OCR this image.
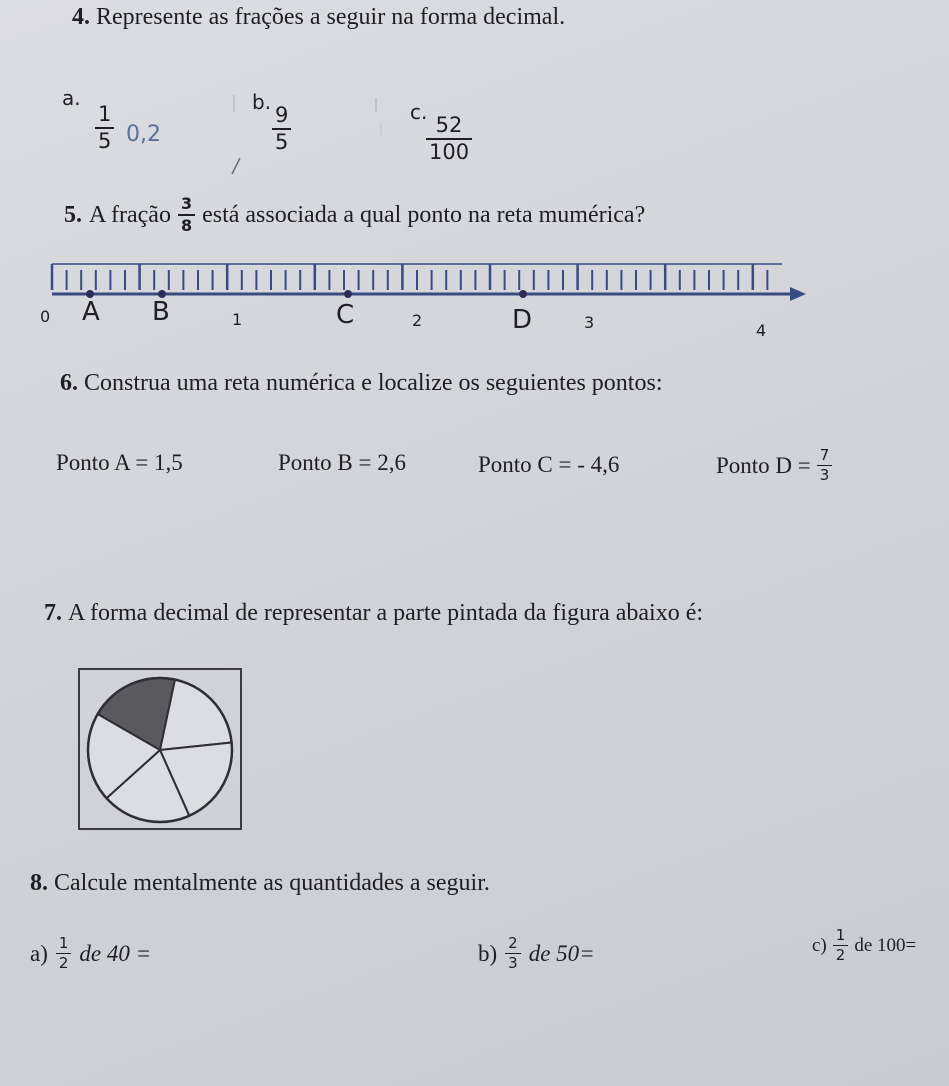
4. Represente as frações a seguir na forma decimal.
a.
$\frac{1}{5} 0,2$
b.
$\frac{9}{5}$	c.
$\frac{52}{100}$
5. A fração $\frac{3}{8}$ está associada a qual ponto na reta mumérica?
0	1	2	3	4
A B	C	D
6. Construa uma reta numérica e localize os seguientes pontos:
Ponto A = 1,5	Ponto B = 2,6	Ponto C = - 4,6	Ponto $D = \frac{7}{3}$
7. A forma decimal de representar a parte pintada da figura abaixo é:
8. Calcule mentalmente as quantidades a seguir.
$a) \frac{1}{2}$ de 40 =	$b) \frac{2}{3}$ de 50=	$c) \frac{1}{2}$ de 100=
